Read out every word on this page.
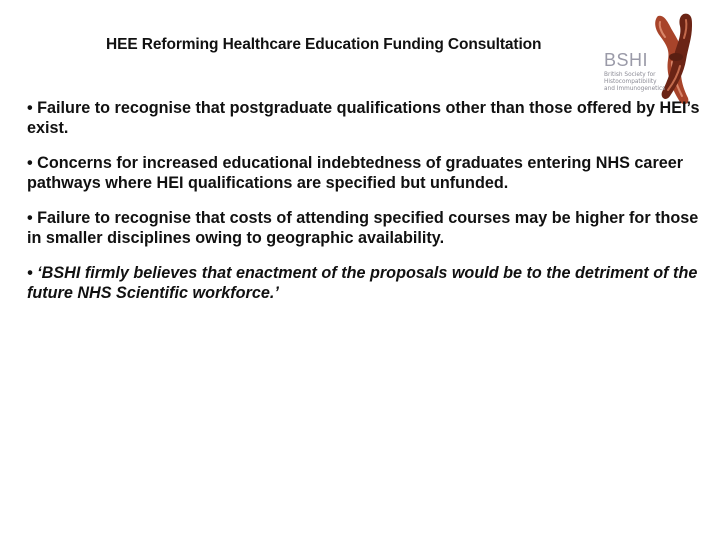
HEE Reforming Healthcare Education Funding Consultation
BSHI
British Society for
Histocompatibility
and Immunogenetics
• Failure to recognise that postgraduate qualifications other than those offered by HEI’s exist.
• Concerns for increased educational indebtedness of graduates entering NHS career pathways where HEI qualifications are specified but unfunded.
• Failure to recognise that costs of attending specified courses may be higher for those in smaller disciplines owing to geographic availability.
• ‘BSHI firmly believes that enactment of the proposals would be to the detriment of the future NHS Scientific workforce.’
